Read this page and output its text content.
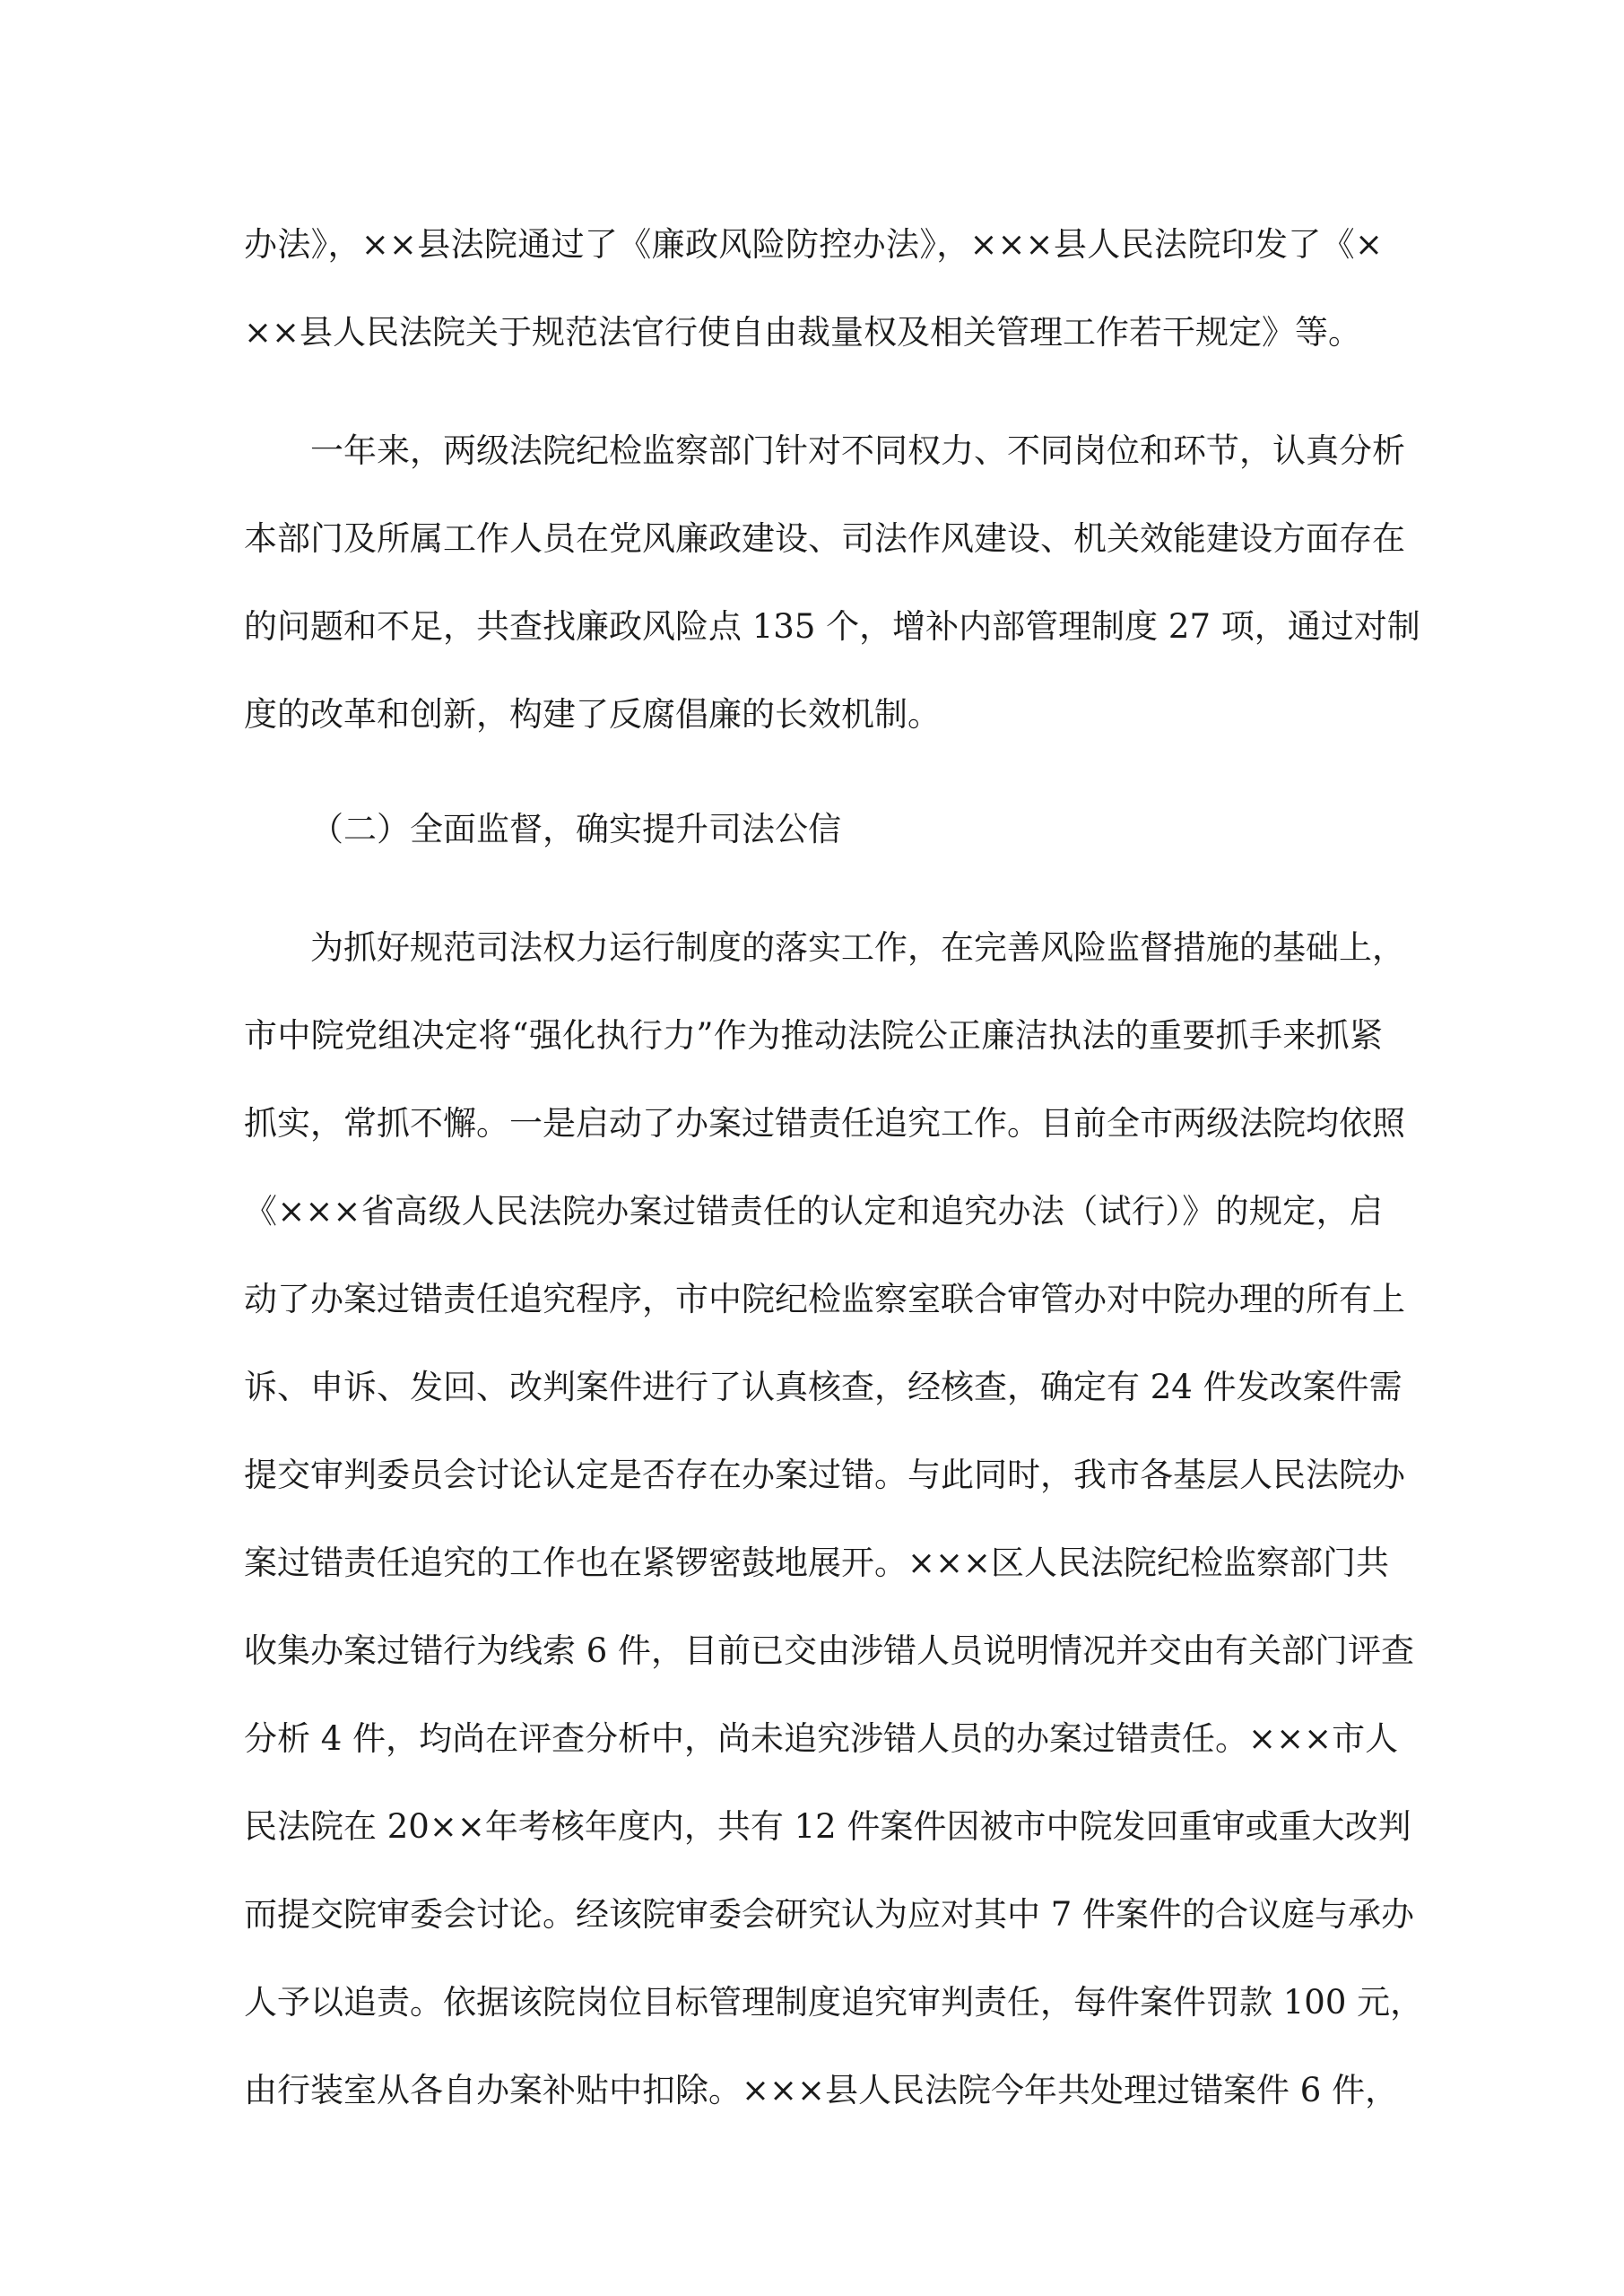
办法》，××县法院通过了《廉政风险防控办法》，×××县人民法院印发了《×
××县人民法院关于规范法官行使自由裁量权及相关管理工作若干规定》等。
一年来，两级法院纪检监察部门针对不同权力、不同岗位和环节，认真分析
本部门及所属工作人员在党风廉政建设、司法作风建设、机关效能建设方面存在
的问题和不足，共查找廉政风险点 135 个，增补内部管理制度 27 项，通过对制
度的改革和创新，构建了反腐倡廉的长效机制。
（二）全面监督，确实提升司法公信
为抓好规范司法权力运行制度的落实工作，在完善风险监督措施的基础上，
市中院党组决定将“强化执行力”作为推动法院公正廉洁执法的重要抓手来抓紧
抓实，常抓不懈。一是启动了办案过错责任追究工作。目前全市两级法院均依照
《×××省高级人民法院办案过错责任的认定和追究办法（试行）》的规定，启
动了办案过错责任追究程序，市中院纪检监察室联合审管办对中院办理的所有上
诉、申诉、发回、改判案件进行了认真核查，经核查，确定有 24 件发改案件需
提交审判委员会讨论认定是否存在办案过错。与此同时，我市各基层人民法院办
案过错责任追究的工作也在紧锣密鼓地展开。×××区人民法院纪检监察部门共
收集办案过错行为线索 6 件，目前已交由涉错人员说明情况并交由有关部门评查
分析 4 件，均尚在评查分析中，尚未追究涉错人员的办案过错责任。×××市人
民法院在 20××年考核年度内，共有 12 件案件因被市中院发回重审或重大改判
而提交院审委会讨论。经该院审委会研究认为应对其中 7 件案件的合议庭与承办
人予以追责。依据该院岗位目标管理制度追究审判责任，每件案件罚款 100 元，
由行装室从各自办案补贴中扣除。×××县人民法院今年共处理过错案件 6 件，
